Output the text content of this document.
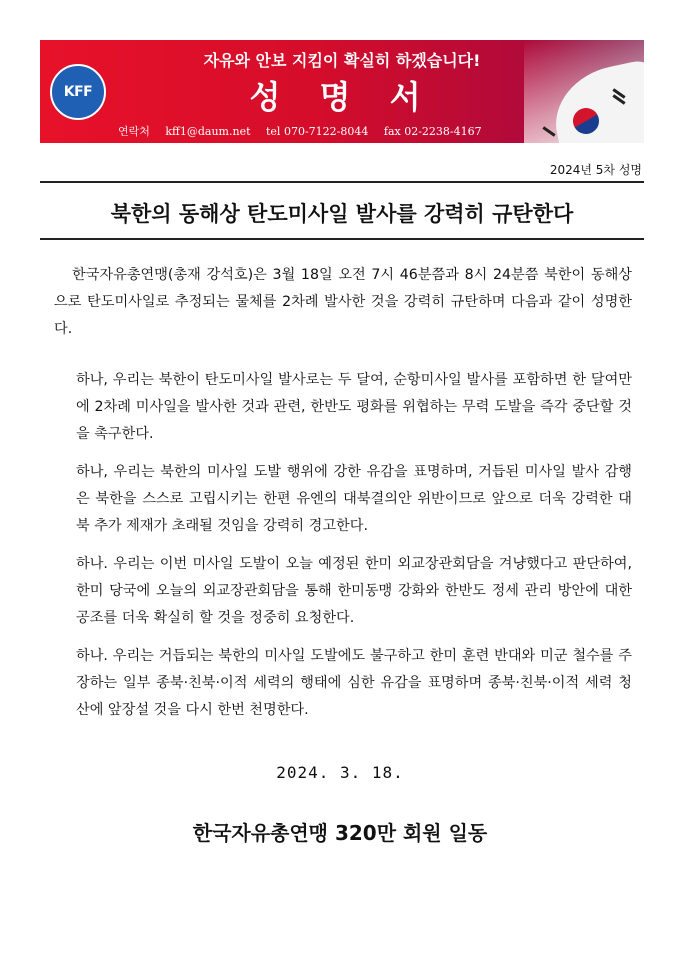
KFF
자유와 안보 지킴이 확실히 하겠습니다!
성 명 서
연락처 kff1@daum.net tel 070-7122-8044 fax 02-2238-4167
2024년 5차 성명
북한의 동해상 탄도미사일 발사를 강력히 규탄한다
한국자유총연맹(총재 강석호)은 3월 18일 오전 7시 46분쯤과 8시 24분쯤 북한이 동해상으로 탄도미사일로 추정되는 물체를 2차례 발사한 것을 강력히 규탄하며 다음과 같이 성명한다.
하나, 우리는 북한이 탄도미사일 발사로는 두 달여, 순항미사일 발사를 포함하면 한 달여만에 2차례 미사일을 발사한 것과 관련, 한반도 평화를 위협하는 무력 도발을 즉각 중단할 것을 촉구한다.
하나, 우리는 북한의 미사일 도발 행위에 강한 유감을 표명하며, 거듭된 미사일 발사 감행은 북한을 스스로 고립시키는 한편 유엔의 대북결의안 위반이므로 앞으로 더욱 강력한 대북 추가 제재가 초래될 것임을 강력히 경고한다.
하나. 우리는 이번 미사일 도발이 오늘 예정된 한미 외교장관회담을 겨냥했다고 판단하여, 한미 당국에 오늘의 외교장관회담을 통해 한미동맹 강화와 한반도 정세 관리 방안에 대한 공조를 더욱 확실히 할 것을 정중히 요청한다.
하나. 우리는 거듭되는 북한의 미사일 도발에도 불구하고 한미 훈련 반대와 미군 철수를 주장하는 일부 종북·친북·이적 세력의 행태에 심한 유감을 표명하며 종북·친북·이적 세력 청산에 앞장설 것을 다시 한번 천명한다.
2024. 3. 18.
한국자유총연맹 320만 회원 일동
